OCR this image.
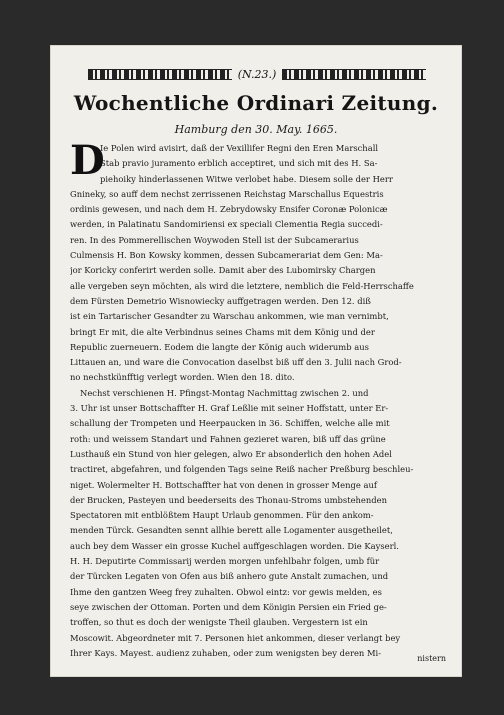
(N.23.)
Wochentliche Ordinari Zeitung.
Hamburg den 30. May. 1665.
D
Ie Polen wird avisirt, daß der Vexillifer Regni den Eren Marschall
Stab pravio juramento erblich acceptiret, und sich mit des H. Sa-
piehoiky hinderlassenen Witwe verlobet habe. Diesem solle der Herr
Gnineky, so auff dem nechst zerrissenen Reichstag Marschallus Equestris
ordinis gewesen, und nach dem H. Zebrydowsky Ensifer Coronæ Polonicæ
werden, in Palatinatu Sandomiriensi ex speciali Clementia Regia succedi-
ren. In des Pommerellischen Woywoden Stell ist der Subcamerarius
Culmensis H. Bon Kowsky kommen, dessen Subcamerariat dem Gen: Ma-
jor Koricky conferirt werden solle. Damit aber des Lubomirsky Chargen
alle vergeben seyn möchten, als wird die letztere, nemblich die Feld-Herrschaffe
dem Fürsten Demetrio Wisnowiecky auffgetragen werden. Den 12. diß
ist ein Tartarischer Gesandter zu Warschau ankommen, wie man vernimbt,
bringt Er mit, die alte Verbindnus seines Chams mit dem König und der
Republic zuerneuern. Eodem die langte der König auch widerumb aus
Littauen an, und ware die Convocation daselbst biß uff den 3. Julii nach Grod-
no nechstkünfftig verlegt worden. Wien den 18. dito.
Nechst verschienen H. Pfingst-Montag Nachmittag zwischen 2. und
3. Uhr ist unser Bottschaffter H. Graf Leßlie mit seiner Hoffstatt, unter Er-
schallung der Trompeten und Heerpaucken in 36. Schiffen, welche alle mit
roth: und weissem Standart und Fahnen gezieret waren, biß uff das grüne
Lusthauß ein Stund von hier gelegen, alwo Er absonderlich den hohen Adel
tractiret, abgefahren, und folgenden Tags seine Reiß nacher Preßburg beschleu-
niget. Wolermelter H. Bottschaffter hat von denen in grosser Menge auf
der Brucken, Pasteyen und beederseits des Thonau-Stroms umbstehenden
Spectatoren mit entblößtem Haupt Urlaub genommen. Für den ankom-
menden Türck. Gesandten sennt allhie berett alle Logamenter ausgetheilet,
auch bey dem Wasser ein grosse Kuchel auffgeschlagen worden. Die Kayserl.
H. H. Deputirte Commissarij werden morgen unfehlbahr folgen, umb für
der Türcken Legaten von Ofen aus biß anhero gute Anstalt zumachen, und
Ihme den gantzen Weeg frey zuhalten. Obwol eintz: vor gewis melden, es
seye zwischen der Ottoman. Porten und dem Königin Persien ein Fried ge-
troffen, so thut es doch der wenigste Theil glauben. Vergestern ist ein
Moscowit. Abgeordneter mit 7. Personen hiet ankommen, dieser verlangt bey
Ihrer Kays. Mayest. audienz zuhaben, oder zum wenigsten bey deren Mi-
nistern
